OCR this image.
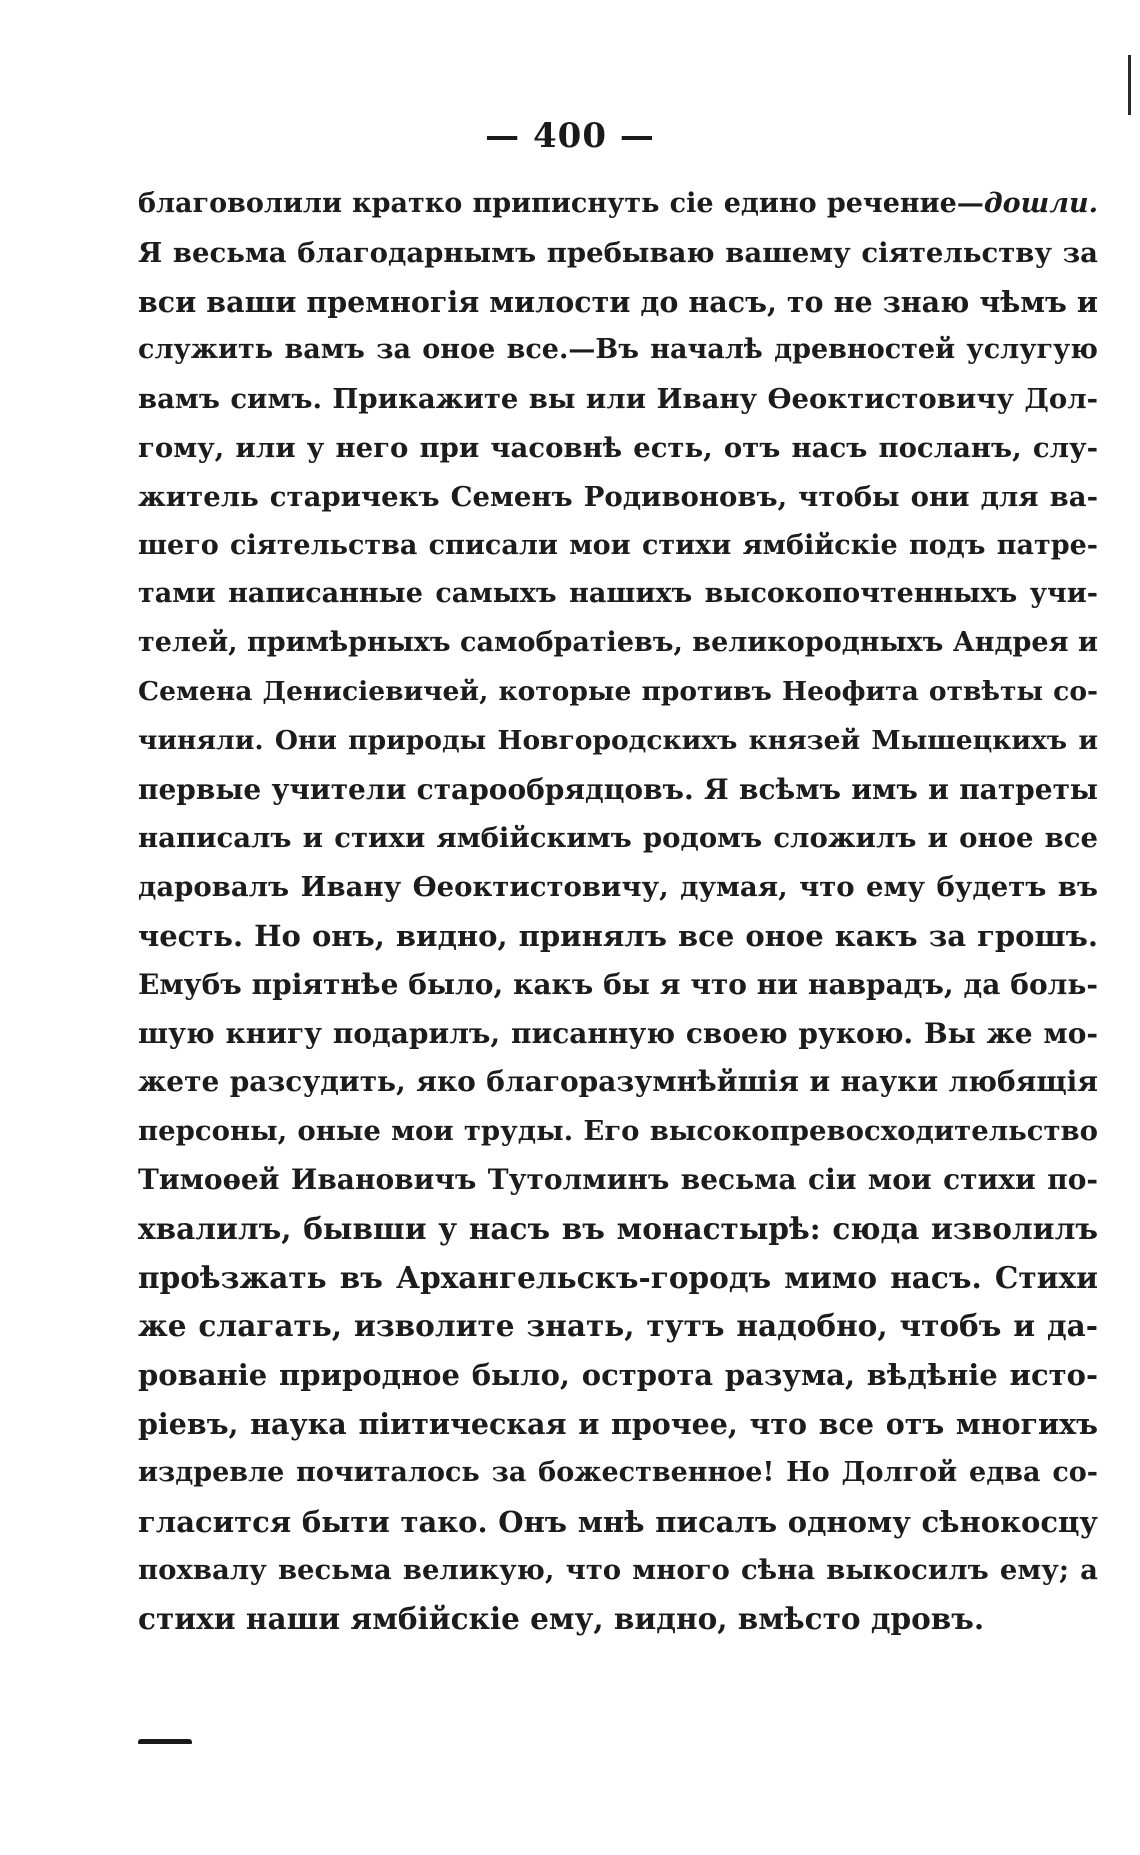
— 400 —
благоволили кратко приписнуть сіе едино речение—дошли.
Я весьма благодарнымъ пребываю вашему сіятельству за
вси ваши премногія милости до насъ, то не знаю чѣмъ и
служить вамъ за оное все.—Въ началѣ древностей услугую
вамъ симъ. Прикажите вы или Ивану Ѳеоктистовичу Дол-
гому, или у него при часовнѣ есть, отъ насъ посланъ, слу-
житель старичекъ Семенъ Родивоновъ, чтобы они для ва-
шего сіятельства списали мои стихи ямбійскіе подъ патре-
тами написанные самыхъ нашихъ высокопочтенныхъ учи-
телей, примѣрныхъ самобратіевъ, великородныхъ Андрея и
Семена Денисіевичей, которые противъ Неофита отвѣты со-
чиняли. Они природы Новгородскихъ князей Мышецкихъ и
первые учители старообрядцовъ. Я всѣмъ имъ и патреты
написалъ и стихи ямбійскимъ родомъ сложилъ и оное все
даровалъ Ивану Ѳеоктистовичу, думая, что ему будетъ въ
честь. Но онъ, видно, принялъ все оное какъ за грошъ.
Емубъ пріятнѣе было, какъ бы я что ни наврадъ, да боль-
шую книгу подарилъ, писанную своею рукою. Вы же мо-
жете разсудить, яко благоразумнѣйшія и науки любящія
персоны, оные мои труды. Его высокопревосходительство
Тимоѳей Ивановичъ Тутолминъ весьма сіи мои стихи по-
хвалилъ, бывши у насъ въ монастырѣ: сюда изволилъ
проѣзжать въ Архангельскъ-городъ мимо насъ. Стихи
же слагать, изволите знать, тутъ надобно, чтобъ и да-
рованіе природное было, острота разума, вѣдѣніе исто-
ріевъ, наука пiитическая и прочее, что все отъ многихъ
издревле почиталось за божественное! Но Долгой едва со-
гласится быти тако. Онъ мнѣ писалъ одному сѣнокосцу
похвалу весьма великую, что много сѣна выкосилъ ему; а
стихи наши ямбійскіе ему, видно, вмѣсто дровъ.
